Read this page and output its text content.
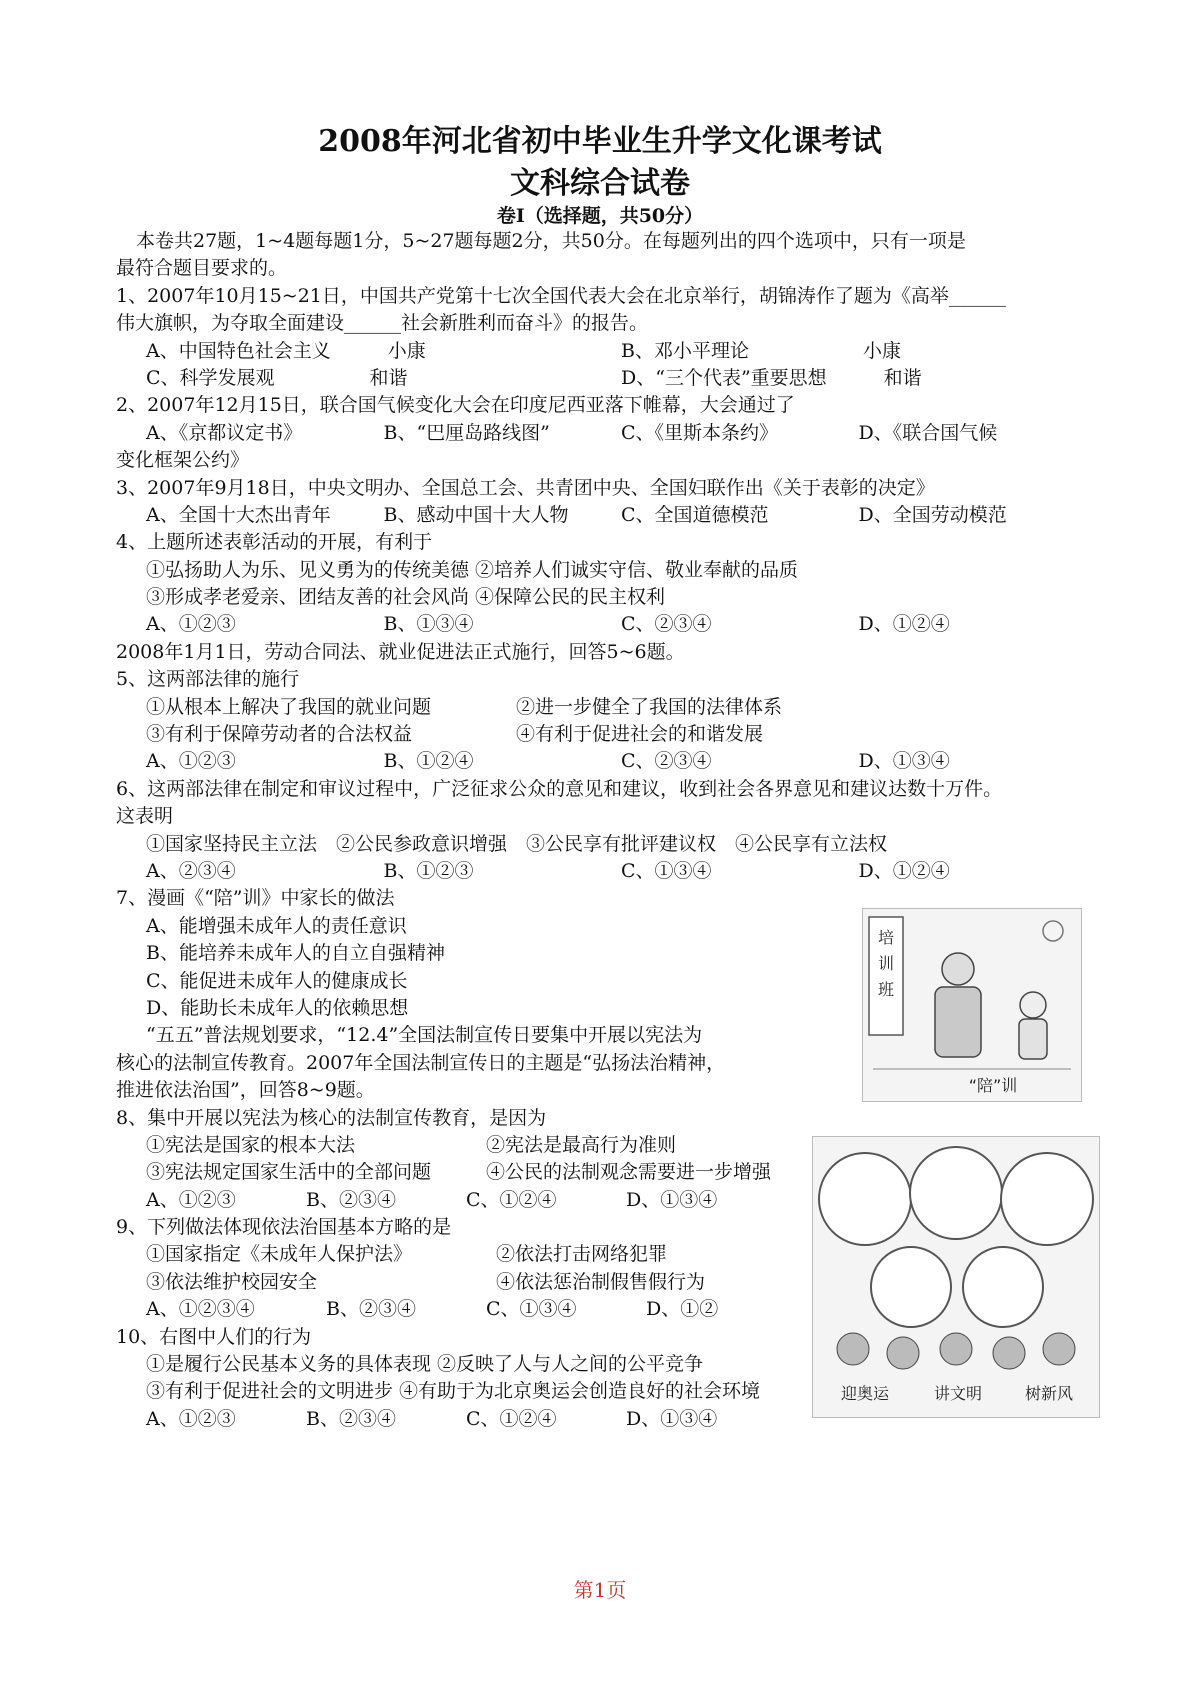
2008年河北省初中毕业生升学文化课考试
文科综合试卷
卷Ⅰ（选择题，共50分）
本卷共27题，1~4题每题1分，5~27题每题2分，共50分。在每题列出的四个选项中，只有一项是
最符合题目要求的。
1、2007年10月15~21日，中国共产党第十七次全国代表大会在北京举行，胡锦涛作了题为《高举______
伟大旗帜，为夺取全面建设______社会新胜利而奋斗》的报告。
A、中国特色社会主义　　　小康	B、邓小平理论　　　　　　小康
C、科学发展观　　　　　和谐	D、“三个代表”重要思想　　　和谐
2、2007年12月15日，联合国气候变化大会在印度尼西亚落下帷幕，大会通过了
A、《京都议定书》	B、“巴厘岛路线图”	C、《里斯本条约》	D、《联合国气候
变化框架公约》
3、2007年9月18日，中央文明办、全国总工会、共青团中央、全国妇联作出《关于表彰的决定》
A、全国十大杰出青年	B、感动中国十大人物	C、全国道德模范	D、全国劳动模范
4、上题所述表彰活动的开展，有利于
①弘扬助人为乐、见义勇为的传统美德 ②培养人们诚实守信、敬业奉献的品质
③形成孝老爱亲、团结友善的社会风尚 ④保障公民的民主权利
A、①②③	B、①③④	C、②③④	D、①②④
2008年1月1日，劳动合同法、就业促进法正式施行，回答5~6题。
5、这两部法律的施行
①从根本上解决了我国的就业问题	②进一步健全了我国的法律体系
③有利于保障劳动者的合法权益	④有利于促进社会的和谐发展
A、①②③	B、①②④	C、②③④	D、①③④
6、这两部法律在制定和审议过程中，广泛征求公众的意见和建议，收到社会各界意见和建议达数十万件。
这表明
①国家坚持民主立法　②公民参政意识增强　③公民享有批评建议权　④公民享有立法权
A、②③④	B、①②③	C、①③④	D、①②④
7、漫画《“陪”训》中家长的做法
A、能增强未成年人的责任意识
B、能培养未成年人的自立自强精神
C、能促进未成年人的健康成长
D、能助长未成年人的依赖思想
“五五”普法规划要求，“12.4”全国法制宣传日要集中开展以宪法为
核心的法制宣传教育。2007年全国法制宣传日的主题是“弘扬法治精神，
推进依法治国”，回答8~9题。
8、集中开展以宪法为核心的法制宣传教育，是因为
①宪法是国家的根本大法	②宪法是最高行为准则
③宪法规定国家生活中的全部问题	④公民的法制观念需要进一步增强
A、①②③	B、②③④	C、①②④	D、①③④
9、下列做法体现依法治国基本方略的是
①国家指定《未成年人保护法》	②依法打击网络犯罪
③依法维护校园安全	④依法惩治制假售假行为
A、①②③④	B、②③④	C、①③④	D、①②
10、右图中人们的行为
①是履行公民基本义务的具体表现 ②反映了人与人之间的公平竞争
③有利于促进社会的文明进步 ④有助于为北京奥运会创造良好的社会环境
A、①②③	B、②③④	C、①②④	D、①③④
培
训
班
“陪”训
迎奥运	讲文明	树新风
第1页
